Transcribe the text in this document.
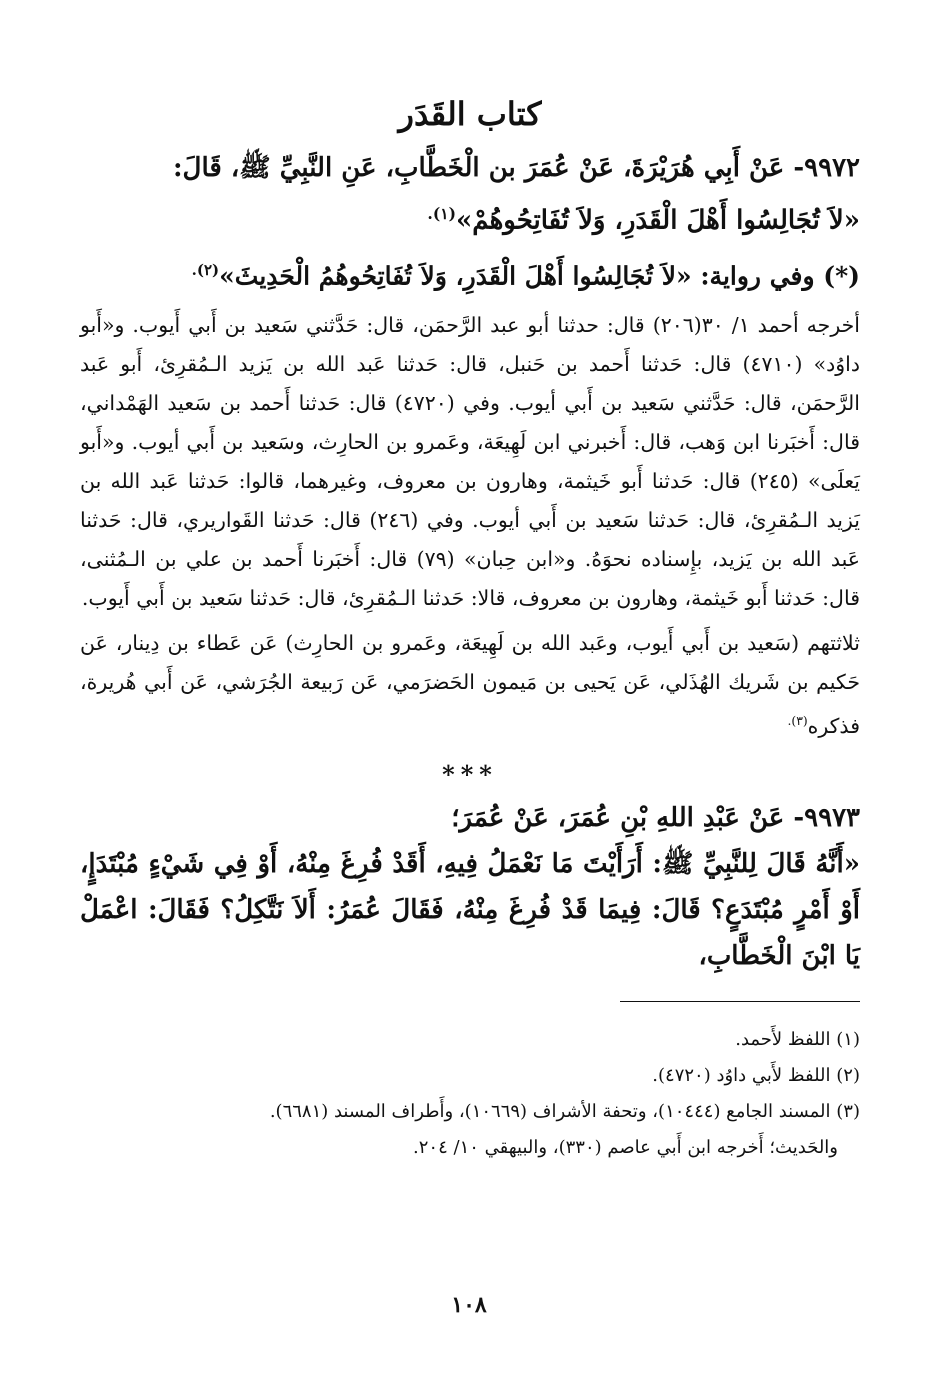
كتاب القَدَر

٩٩٧٢- عَنْ أَبِي هُرَيْرَةَ، عَنْ عُمَرَ بن الْخَطَّابِ، عَنِ النَّبِيِّ ﷺ، قَالَ:
«لاَ تُجَالِسُوا أَهْلَ الْقَدَرِ، وَلاَ تُفَاتِحُوهُمْ»$^{(١).}$

(*) وفي رواية: «لاَ تُجَالِسُوا أَهْلَ الْقَدَرِ، وَلاَ تُفَاتِحُوهُمُ الْحَدِيثَ»$^{(٢).}$

أخرجه أحمد ١/ ٣٠(٢٠٦) قال: حدثنا أبو عبد الرَّحمَن، قال: حَدَّثني سَعيد بن أَبي أَيوب. و«أَبو داوُد» (٤٧١٠) قال: حَدثنا أَحمد بن حَنبل، قال: حَدثنا عَبد الله بن يَزيد الـمُقرِئ، أَبو عَبد الرَّحمَن، قال: حَدَّثني سَعيد بن أَبي أيوب. وفي (٤٧٢٠) قال: حَدثنا أَحمد بن سَعيد الهَمْداني، قال: أَخبَرنا ابن وَهب، قال: أَخبرني ابن لَهِيعَة، وعَمرو بن الحارِث، وسَعيد بن أَبي أيوب. و«أَبو يَعلَى» (٢٤٥) قال: حَدثنا أَبو خَيثمة، وهارون بن معروف، وغيرهما، قالوا: حَدثنا عَبد الله بن يَزيد الـمُقرِئ، قال: حَدثنا سَعيد بن أَبي أيوب. وفي (٢٤٦) قال: حَدثنا القَواريري، قال: حَدثنا عَبد الله بن يَزيد، بإِسناده نحوَهُ. و«ابن حِبان» (٧٩) قال: أَخبَرنا أَحمد بن علي بن الـمُثنى، قال: حَدثنا أَبو خَيثمة، وهارون بن معروف، قالا: حَدثنا الـمُقرِئ، قال: حَدثنا سَعيد بن أَبي أَيوب.

ثلاثتهم (سَعيد بن أَبي أَيوب، وعَبد الله بن لَهِيعَة، وعَمرو بن الحارِث) عَن عَطاء بن دِينار، عَن حَكيم بن شَريك الهُذَلي، عَن يَحيى بن مَيمون الحَضرَمي، عَن رَبيعة الجُرَشي، عَن أَبي هُريرة، فذكره$^{(٣).}$

***

٩٩٧٣- عَنْ عَبْدِ اللهِ بْنِ عُمَرَ، عَنْ عُمَرَ؛
«أَنَّهُ قَالَ لِلنَّبِيِّ ﷺ: أَرَأَيْتَ مَا نَعْمَلُ فِيهِ، أَقَدْ فُرِغَ مِنْهُ، أَوْ فِي شَيْءٍ مُبْتَدَإٍ، أَوْ أَمْرٍ مُبْتَدَعٍ؟ قَالَ: فِيمَا قَدْ فُرِغَ مِنْهُ، فَقَالَ عُمَرُ: أَلاَ نَتَّكِلُ؟ فَقَالَ: اعْمَلْ يَا ابْنَ الْخَطَّابِ،

(١) اللفظ لأَحمد.

(٢) اللفظ لأَبي داوُد (٤٧٢٠).

(٣) المسند الجامع (١٠٤٤٤)، وتحفة الأشراف (١٠٦٦٩)، وأَطراف المسند (٦٦٨١).

والحَديث؛ أَخرجه ابن أَبي عاصم (٣٣٠)، والبيهقي ١٠/ ٢٠٤.

١٠٨
